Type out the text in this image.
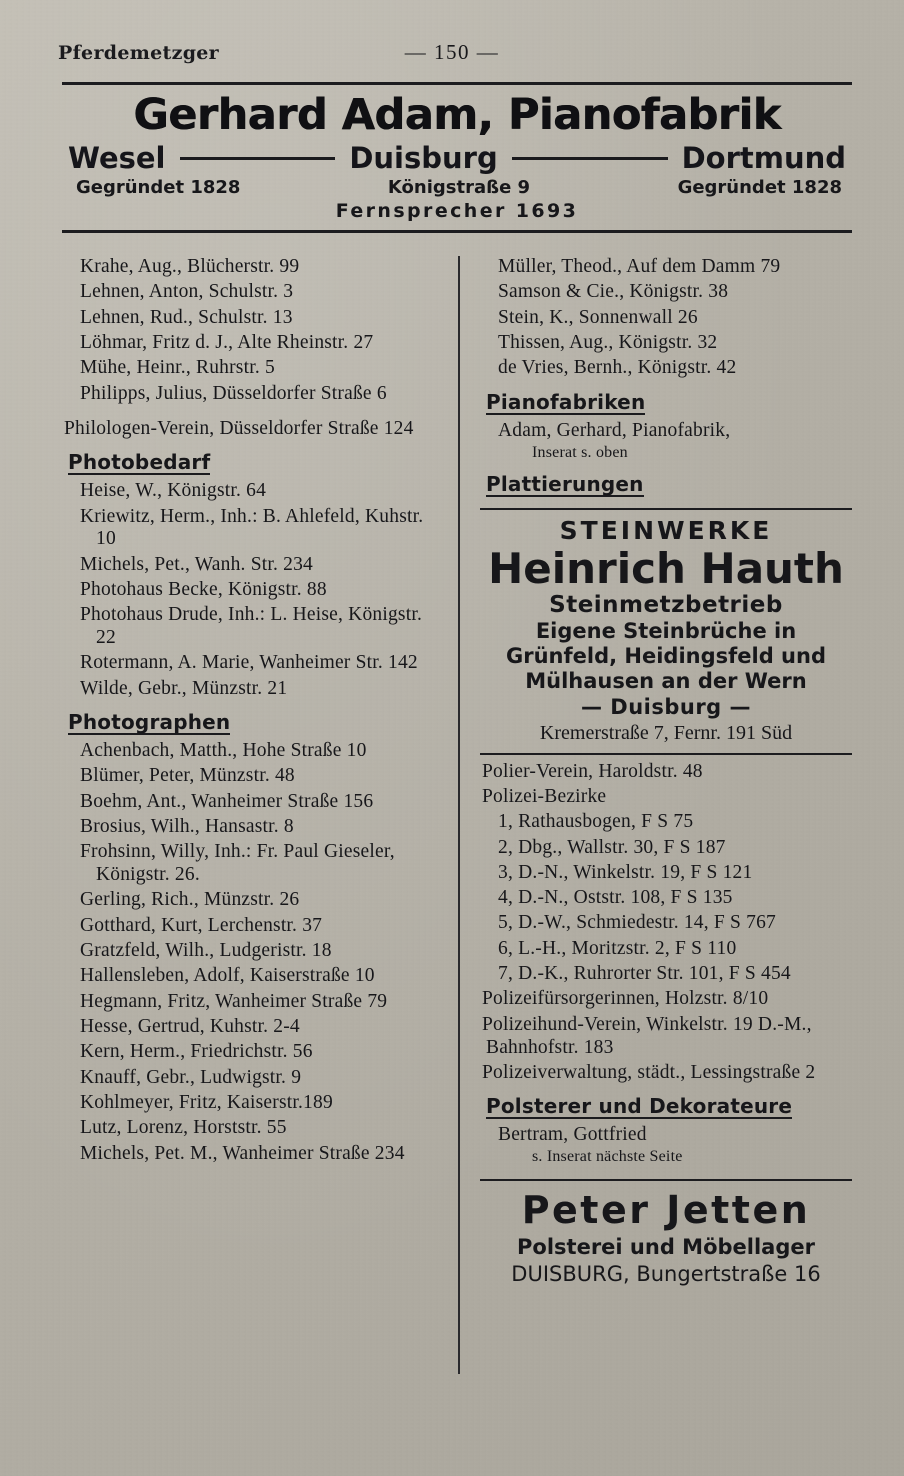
Pferdemetzger	— 150 —
Gerhard Adam, Pianofabrik
Wesel	Duisburg	Dortmund
Gegründet 1828	Königstraße 9	Gegründet 1828
Fernsprecher 1693
Krahe, Aug., Blücherstr. 99
Lehnen, Anton, Schulstr. 3
Lehnen, Rud., Schulstr. 13
Löhmar, Fritz d. J., Alte Rheinstr. 27
Mühe, Heinr., Ruhrstr. 5
Philipps, Julius, Düsseldorfer Straße 6
Philologen-Verein, Düsseldorfer Straße 124
Photobedarf
Heise, W., Königstr. 64
Kriewitz, Herm., Inh.: B. Ahlefeld, Kuhstr. 10
Michels, Pet., Wanh. Str. 234
Photohaus Becke, Königstr. 88
Photohaus Drude, Inh.: L. Heise, Königstr. 22
Rotermann, A. Marie, Wanheimer Str. 142
Wilde, Gebr., Münzstr. 21
Photographen
Achenbach, Matth., Hohe Straße 10
Blümer, Peter, Münzstr. 48
Boehm, Ant., Wanheimer Straße 156
Brosius, Wilh., Hansastr. 8
Frohsinn, Willy, Inh.: Fr. Paul Gieseler, Königstr. 26.
Gerling, Rich., Münzstr. 26
Gotthard, Kurt, Lerchenstr. 37
Gratzfeld, Wilh., Ludgeristr. 18
Hallensleben, Adolf, Kaiserstraße 10
Hegmann, Fritz, Wanheimer Straße 79
Hesse, Gertrud, Kuhstr. 2-4
Kern, Herm., Friedrichstr. 56
Knauff, Gebr., Ludwigstr. 9
Kohlmeyer, Fritz, Kaiserstr.189
Lutz, Lorenz, Horststr. 55
Michels, Pet. M., Wanheimer Straße 234
Müller, Theod., Auf dem Damm 79
Samson & Cie., Königstr. 38
Stein, K., Sonnenwall 26
Thissen, Aug., Königstr. 32
de Vries, Bernh., Königstr. 42
Pianofabriken
Adam, Gerhard, Pianofabrik,
Inserat s. oben
Plattierungen
STEINWERKE
Heinrich Hauth
Steinmetzbetrieb
Eigene Steinbrüche in
Grünfeld, Heidingsfeld und
Mülhausen an der Wern
— Duisburg —
Kremerstraße 7, Fernr. 191 Süd
Polier-Verein, Haroldstr. 48
Polizei-Bezirke
1, Rathausbogen, F S 75
2, Dbg., Wallstr. 30, F S 187
3, D.-N., Winkelstr. 19, F S 121
4, D.-N., Oststr. 108, F S 135
5, D.-W., Schmiedestr. 14, F S 767
6, L.-H., Moritzstr. 2, F S 110
7, D.-K., Ruhrorter Str. 101, F S 454
Polizeifürsorgerinnen, Holzstr. 8/10
Polizeihund-Verein, Winkelstr. 19 D.-M., Bahnhofstr. 183
Polizeiverwaltung, städt., Lessingstraße 2
Polsterer und Dekorateure
Bertram, Gottfried
s. Inserat nächste Seite
Peter Jetten
Polsterei und Möbellager
DUISBURG, Bungertstraße 16
